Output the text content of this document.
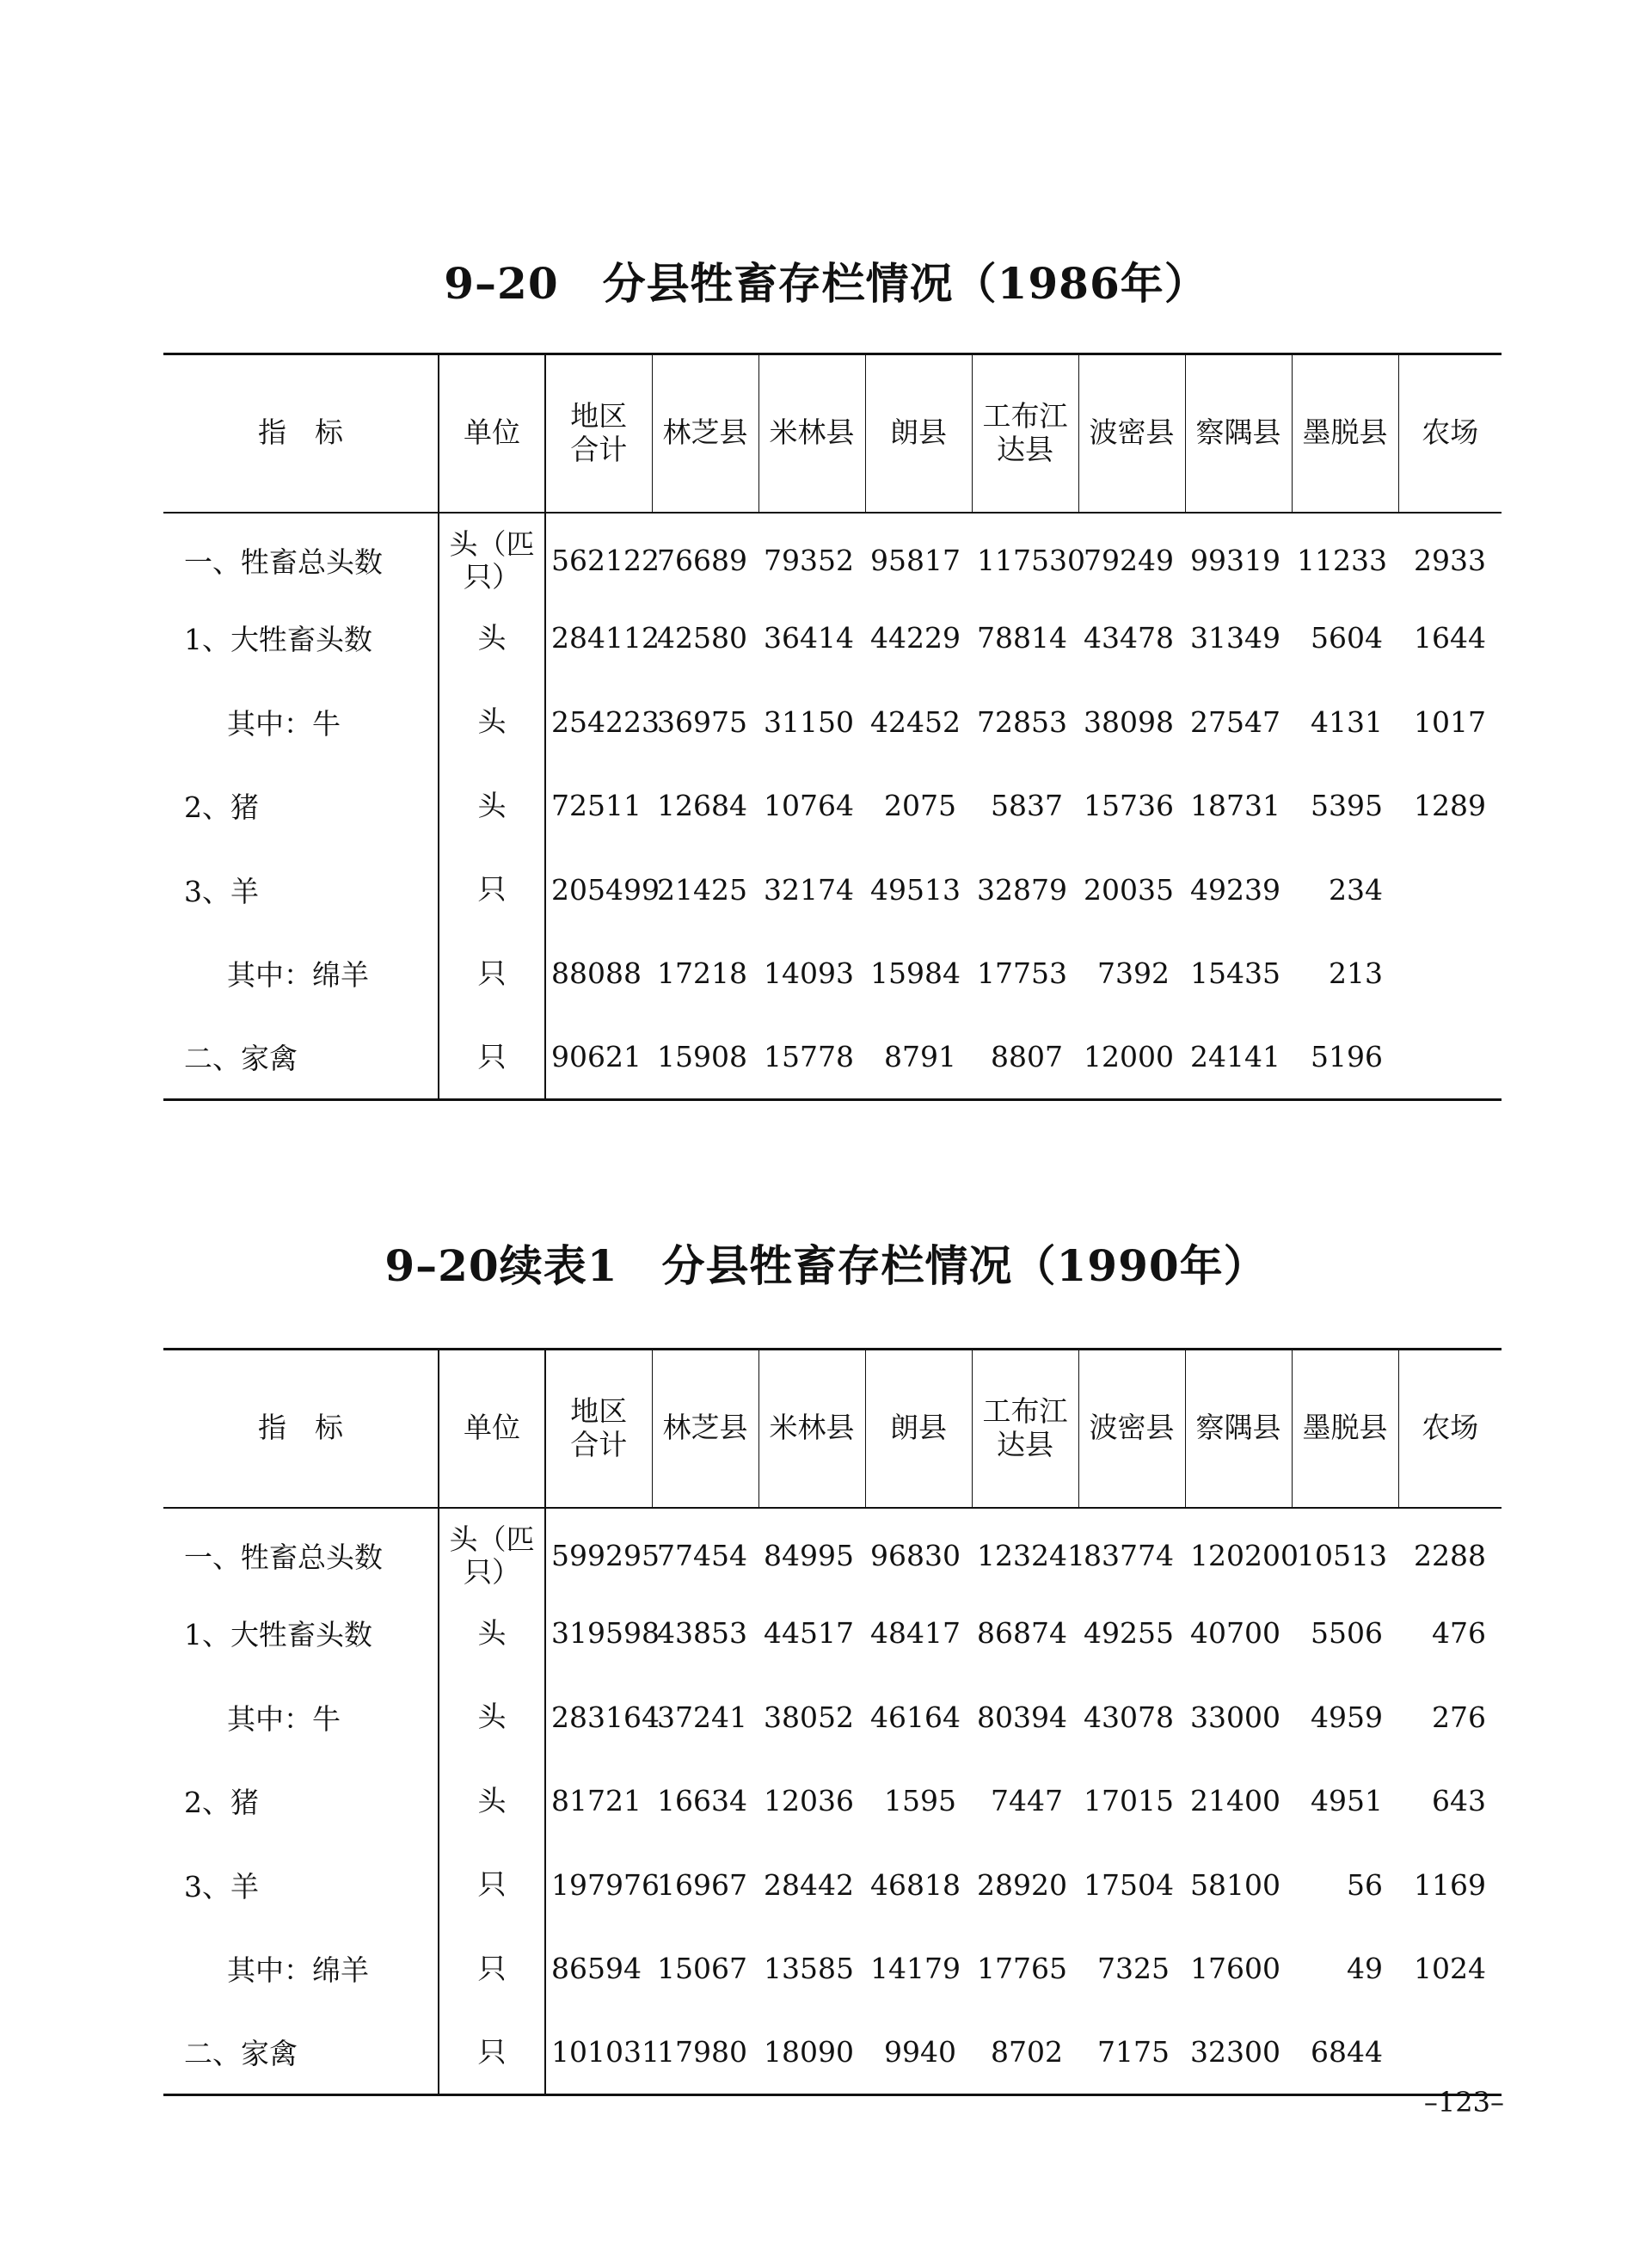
9–20　分县牲畜存栏情况（1986年）
指　标	单位	地区
合计	林芝县	米林县	朗县	工布江
达县	波密县	察隅县	墨脱县	农场
一、牲畜总头数	头（匹只）	562122	76689	79352	95817	117530	79249	99319	11233	2933
1、大牲畜头数	头	284112	42580	36414	44229	78814	43478	31349	5604	1644
其中：牛	头	254223	36975	31150	42452	72853	38098	27547	4131	1017
2、猪	头	72511	12684	10764	2075	5837	15736	18731	5395	1289
3、羊	只	205499	21425	32174	49513	32879	20035	49239	234	
其中：绵羊	只	88088	17218	14093	15984	17753	7392	15435	213	
二、家禽	只	90621	15908	15778	8791	8807	12000	24141	5196	
9–20续表1　分县牲畜存栏情况（1990年）
指　标	单位	地区
合计	林芝县	米林县	朗县	工布江
达县	波密县	察隅县	墨脱县	农场
一、牲畜总头数	头（匹只）	599295	77454	84995	96830	123241	83774	120200	10513	2288
1、大牲畜头数	头	319598	43853	44517	48417	86874	49255	40700	5506	476
其中：牛	头	283164	37241	38052	46164	80394	43078	33000	4959	276
2、猪	头	81721	16634	12036	1595	7447	17015	21400	4951	643
3、羊	只	197976	16967	28442	46818	28920	17504	58100	56	1169
其中：绵羊	只	86594	15067	13585	14179	17765	7325	17600	49	1024
二、家禽	只	101031	17980	18090	9940	8702	7175	32300	6844	

–123–
